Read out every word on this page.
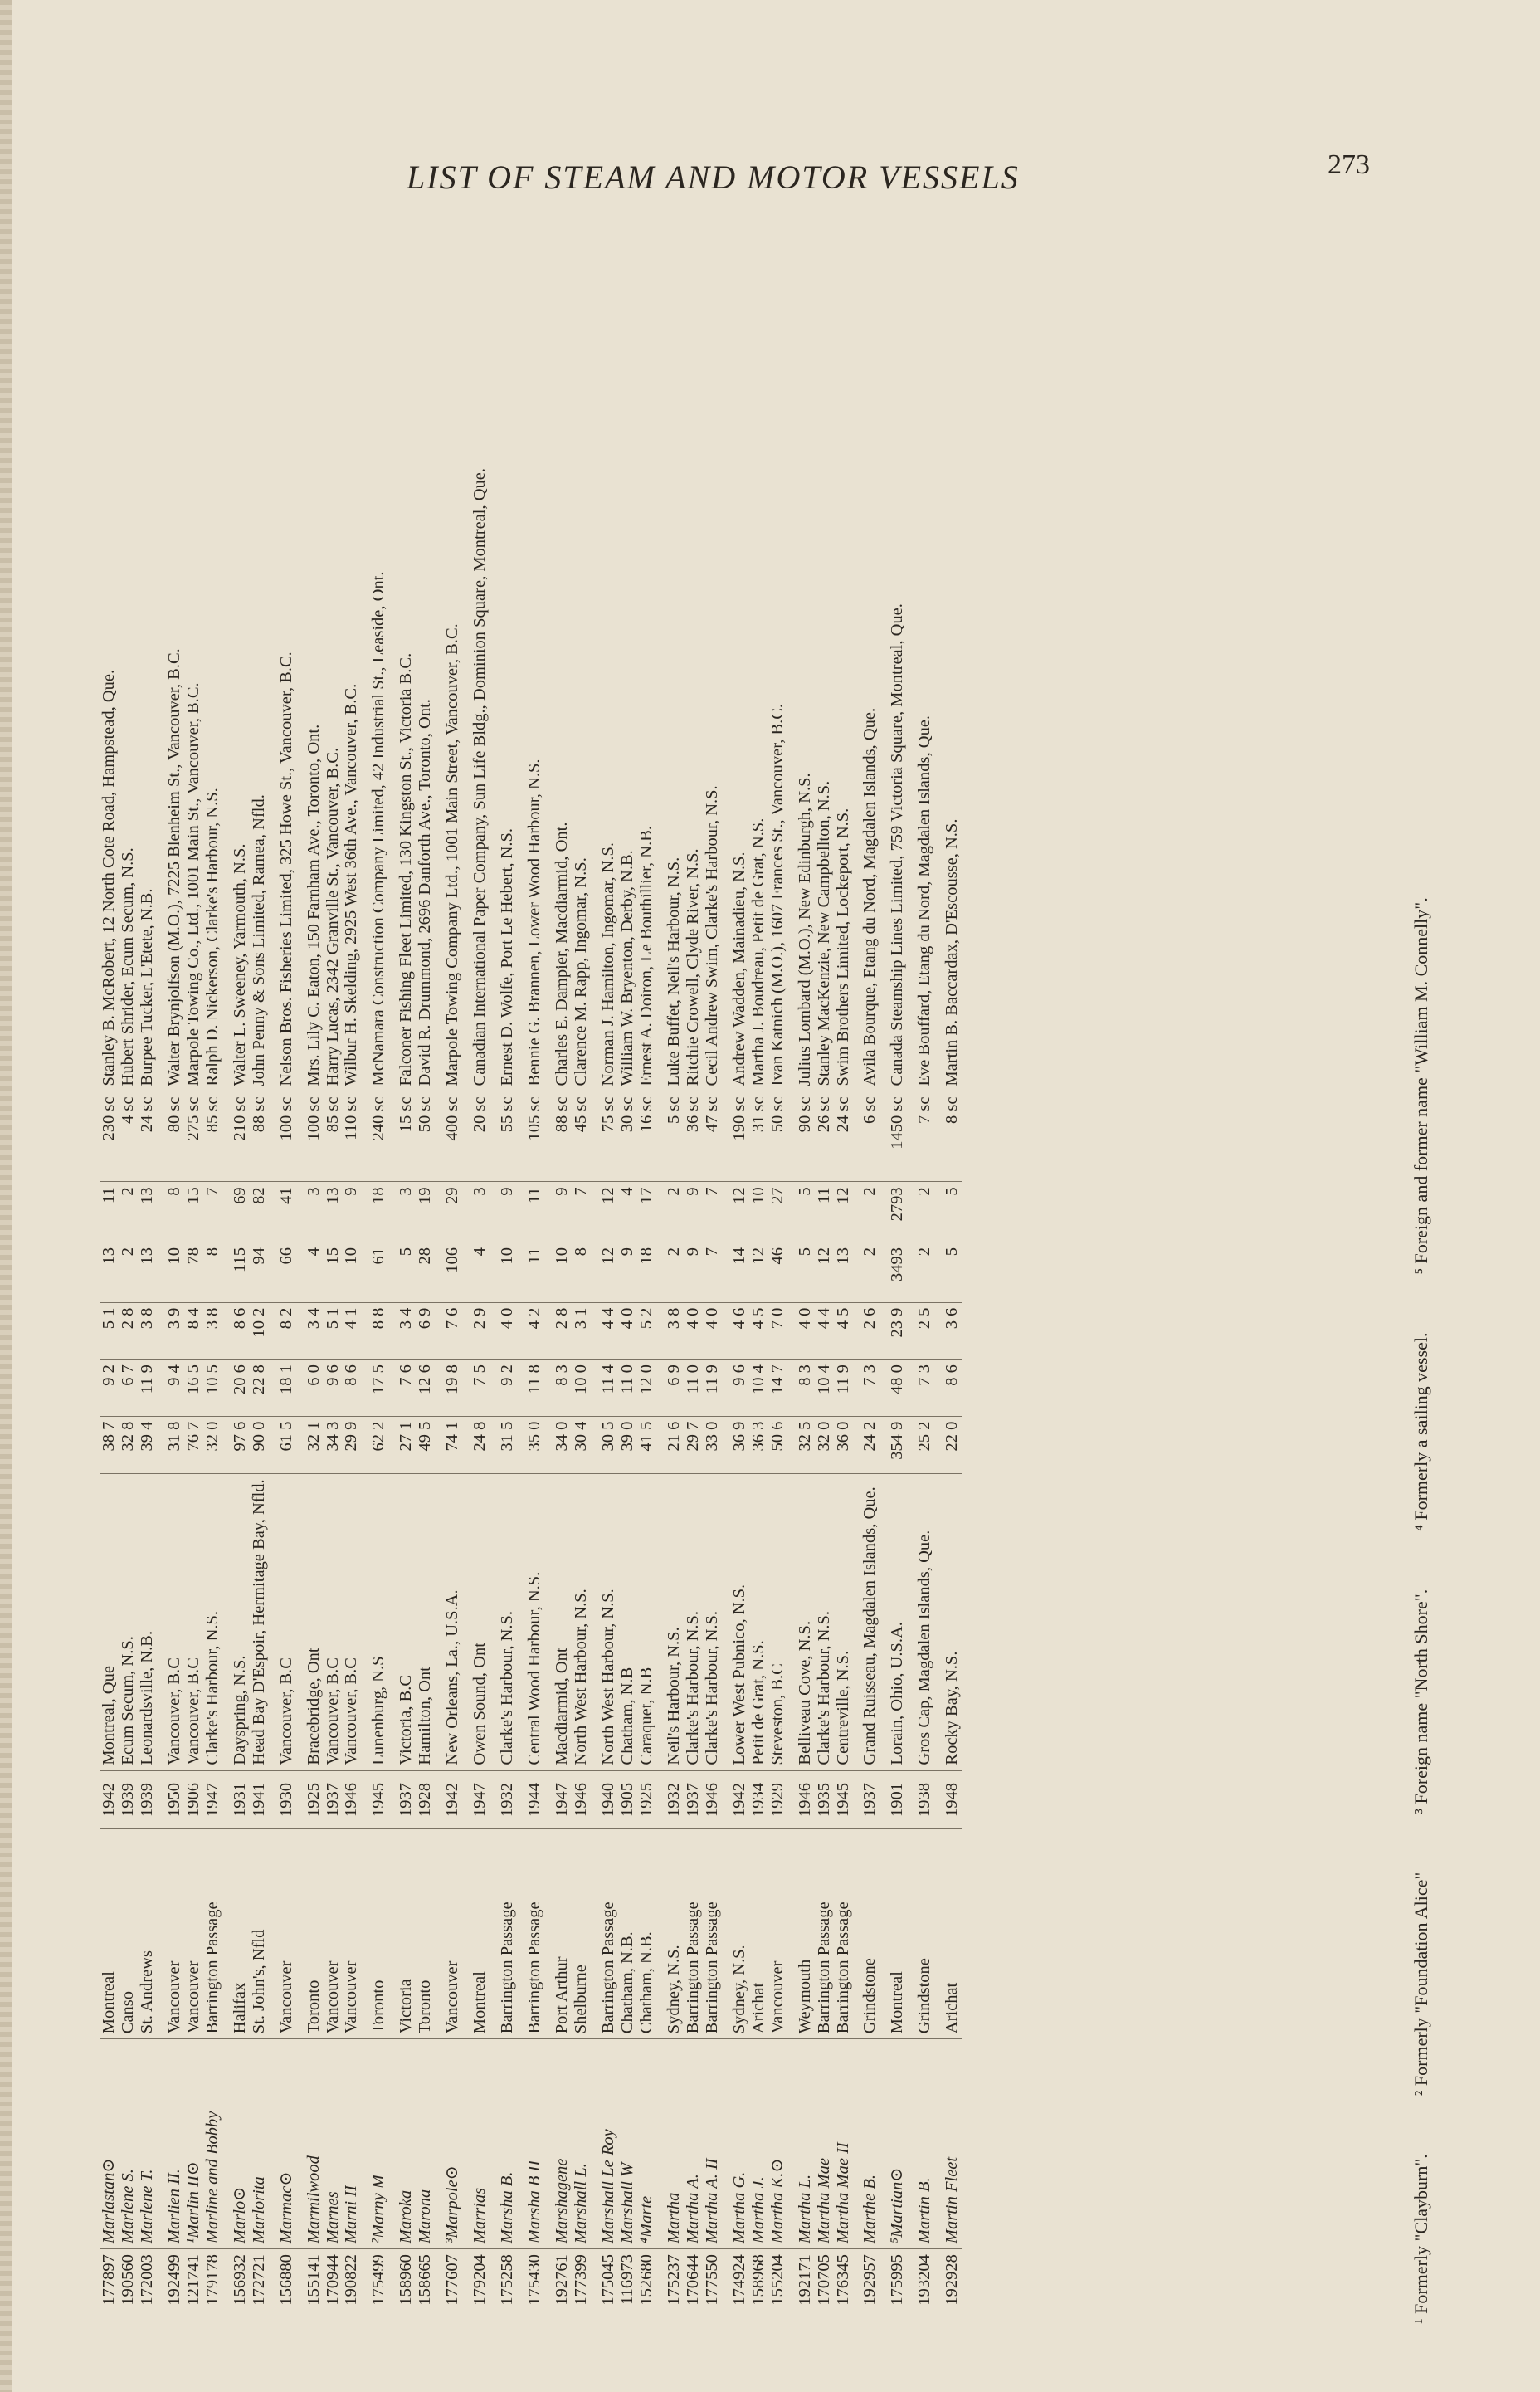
LIST OF STEAM AND MOTOR VESSELS	273
177897	Marlastan⊙	Montreal	1942	Montreal, Que	38 7	9 2	5 1	13	11	230 sc	Stanley B. McRobert, 12 North Cote Road, Hampstead, Que.
190560	Marlene S.	Canso	1939	Ecum Secum, N.S.	32 8	6 7	2 8	2	2	4 sc	Hubert Shrider, Ecum Secum, N.S.
172003	Marlene T.	St. Andrews	1939	Leonardsville, N.B.	39 4	11 9	3 8	13	13	24 sc	Burpee Tucker, L'Etete, N.B.
192499	Marlien II.	Vancouver	1950	Vancouver, B.C	31 8	9 4	3 9	10	8	80 sc	Walter Brynjolfson (M.O.), 7225 Blenheim St., Vancouver, B.C.
121741	¹Marlin II⊙	Vancouver	1906	Vancouver, B.C	76 7	16 5	8 4	78	15	275 sc	Marpole Towing Co., Ltd., 1001 Main St., Vancouver, B.C.
179178	Marline and Bobby	Barrington Passage	1947	Clarke's Harbour, N.S.	32 0	10 5	3 8	8	7	85 sc	Ralph D. Nickerson, Clarke's Harbour, N.S.
156932	Marlo⊙	Halifax	1931	Dayspring, N.S.	97 6	20 6	8 6	115	69	210 sc	Walter L. Sweeney, Yarmouth, N.S.
172721	Marlorita	St. John's, Nfld	1941	Head Bay D'Espoir, Hermitage Bay, Nfld.	90 0	22 8	10 2	94	82	88 sc	John Penny & Sons Limited, Ramea, Nfld.
156880	Marmac⊙	Vancouver	1930	Vancouver, B.C	61 5	18 1	8 2	66	41	100 sc	Nelson Bros. Fisheries Limited, 325 Howe St., Vancouver, B.C.
155141	Marmilwood	Toronto	1925	Bracebridge, Ont	32 1	6 0	3 4	4	3	100 sc	Mrs. Lily C. Eaton, 150 Farnham Ave., Toronto, Ont.
170944	Marnes	Vancouver	1937	Vancouver, B.C	34 3	9 6	5 1	15	13	85 sc	Harry Lucas, 2342 Granville St., Vancouver, B.C.
190822	Marni II	Vancouver	1946	Vancouver, B.C	29 9	8 6	4 1	10	9	110 sc	Wilbur H. Skelding, 2925 West 36th Ave., Vancouver, B.C.
175499	²Marny M	Toronto	1945	Lunenburg, N.S	62 2	17 5	8 8	61	18	240 sc	McNamara Construction Company Limited, 42 Industrial St., Leaside, Ont.
158960	Maroka	Victoria	1937	Victoria, B.C	27 1	7 6	3 4	5	3	15 sc	Falconer Fishing Fleet Limited, 130 Kingston St., Victoria B.C.
158665	Marona	Toronto	1928	Hamilton, Ont	49 5	12 6	6 9	28	19	50 sc	David R. Drummond, 2696 Danforth Ave., Toronto, Ont.
177607	³Marpole⊙	Vancouver	1942	New Orleans, La., U.S.A.	74 1	19 8	7 6	106	29	400 sc	Marpole Towing Company Ltd., 1001 Main Street, Vancouver, B.C.
179204	Marrias	Montreal	1947	Owen Sound, Ont	24 8	7 5	2 9	4	3	20 sc	Canadian International Paper Company, Sun Life Bldg., Dominion Square, Montreal, Que.
175258	Marsha B.	Barrington Passage	1932	Clarke's Harbour, N.S.	31 5	9 2	4 0	10	9	55 sc	Ernest D. Wolfe, Port Le Hebert, N.S.
175430	Marsha B II	Barrington Passage	1944	Central Wood Harbour, N.S.	35 0	11 8	4 2	11	11	105 sc	Bennie G. Brannen, Lower Wood Harbour, N.S.
192761	Marshagene	Port Arthur	1947	Macdiarmid, Ont	34 0	8 3	2 8	10	9	88 sc	Charles E. Dampier, Macdiarmid, Ont.
177399	Marshall L.	Shelburne	1946	North West Harbour, N.S.	30 4	10 0	3 1	8	7	45 sc	Clarence M. Rapp, Ingomar, N.S.
175045	Marshall Le Roy	Barrington Passage	1940	North West Harbour, N.S.	30 5	11 4	4 4	12	12	75 sc	Norman J. Hamilton, Ingomar, N.S.
116973	Marshall W	Chatham, N.B.	1905	Chatham, N.B	39 0	11 0	4 0	9	4	30 sc	William W. Bryenton, Derby, N.B.
152680	⁴Marte	Chatham, N.B.	1925	Caraquet, N.B	41 5	12 0	5 2	18	17	16 sc	Ernest A. Doiron, Le Bouthillier, N.B.
175237	Martha	Sydney, N.S.	1932	Neil's Harbour, N.S.	21 6	6 9	3 8	2	2	5 sc	Luke Buffet, Neil's Harbour, N.S.
170644	Martha A.	Barrington Passage	1937	Clarke's Harbour, N.S.	29 7	11 0	4 0	9	9	36 sc	Ritchie Crowell, Clyde River, N.S.
177550	Martha A. II	Barrington Passage	1946	Clarke's Harbour, N.S.	33 0	11 9	4 0	7	7	47 sc	Cecil Andrew Swim, Clarke's Harbour, N.S.
174924	Martha G.	Sydney, N.S.	1942	Lower West Pubnico, N.S.	36 9	9 6	4 6	14	12	190 sc	Andrew Wadden, Mainadieu, N.S.
158968	Martha J.	Arichat	1934	Petit de Grat, N.S.	36 3	10 4	4 5	12	10	31 sc	Martha J. Boudreau, Petit de Grat, N.S.
155204	Martha K.⊙	Vancouver	1929	Steveston, B.C	50 6	14 7	7 0	46	27	50 sc	Ivan Katnich (M.O.), 1607 Frances St., Vancouver, B.C.
192171	Martha L.	Weymouth	1946	Belliveau Cove, N.S.	32 5	8 3	4 0	5	5	90 sc	Julius Lombard (M.O.), New Edinburgh, N.S.
170705	Martha Mae	Barrington Passage	1935	Clarke's Harbour, N.S.	32 0	10 4	4 4	12	11	26 sc	Stanley MacKenzie, New Campbellton, N.S.
176345	Martha Mae II	Barrington Passage	1945	Centreville, N.S.	36 0	11 9	4 5	13	12	24 sc	Swim Brothers Limited, Lockeport, N.S.
192957	Marthe B.	Grindstone	1937	Grand Ruisseau, Magdalen Islands, Que.	24 2	7 3	2 6	2	2	6 sc	Avila Bourque, Etang du Nord, Magdalen Islands, Que.
175995	⁵Martian⊙	Montreal	1901	Lorain, Ohio, U.S.A.	354 9	48 0	23 9	3493	2793	1450 sc	Canada Steamship Lines Limited, 759 Victoria Square, Montreal, Que.
193204	Martin B.	Grindstone	1938	Gros Cap, Magdalen Islands, Que.	25 2	7 3	2 5	2	2	7 sc	Eve Bouffard, Etang du Nord, Magdalen Islands, Que.
192928	Martin Fleet	Arichat	1948	Rocky Bay, N.S.	22 0	8 6	3 6	5	5	8 sc	Martin B. Baccardax, D'Escousse, N.S.
¹ Formerly "Clayburn".² Formerly "Foundation Alice"³ Foreign name "North Shore".⁴ Formerly a sailing vessel.⁵ Foreign and former name "William M. Connelly".
